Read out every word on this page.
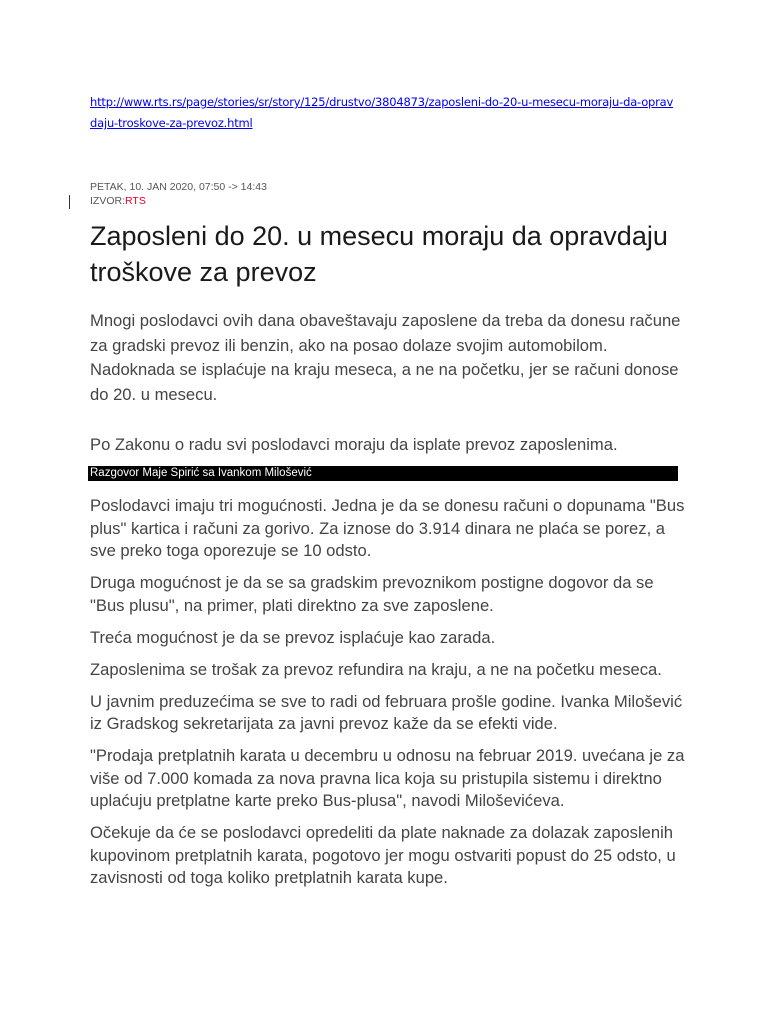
http://www.rts.rs/page/stories/sr/story/125/drustvo/3804873/zaposleni-do-20-u-mesecu-moraju-da-opravdaju-troskove-za-prevoz.html
PETAK, 10. JAN 2020, 07:50 -> 14:43
IZVOR:RTS
Zaposleni do 20. u mesecu moraju da opravdaju troškove za prevoz

Mnogi poslodavci ovih dana obaveštavaju zaposlene da treba da donesu račune za gradski prevoz ili benzin, ako na posao dolaze svojim automobilom. Nadoknada se isplaćuje na kraju meseca, a ne na početku, jer se računi donose do 20. u mesecu.

Po Zakonu o radu svi poslodavci moraju da isplate prevoz zaposlenima.

Razgovor Maje Spirić sa Ivankom Milošević

Poslodavci imaju tri mogućnosti. Jedna je da se donesu računi o dopunama "Bus plus" kartica i računi za gorivo. Za iznose do 3.914 dinara ne plaća se porez, a sve preko toga oporezuje se 10 odsto.

Druga mogućnost je da se sa gradskim prevoznikom postigne dogovor da se "Bus plusu", na primer, plati direktno za sve zaposlene.

Treća mogućnost je da se prevoz isplaćuje kao zarada.

Zaposlenima se trošak za prevoz refundira na kraju, a ne na početku meseca.

U javnim preduzećima se sve to radi od februara prošle godine. Ivanka Milošević iz Gradskog sekretarijata za javni prevoz kaže da se efekti vide.

"Prodaja pretplatnih karata u decembru u odnosu na februar 2019. uvećana je za više od 7.000 komada za nova pravna lica koja su pristupila sistemu i direktno uplaćuju pretplatne karte preko Bus-plusa", navodi Miloševićeva.

Očekuje da će se poslodavci opredeliti da plate naknade za dolazak zaposlenih kupovinom pretplatnih karata, pogotovo jer mogu ostvariti popust do 25 odsto, u zavisnosti od toga koliko pretplatnih karata kupe.
